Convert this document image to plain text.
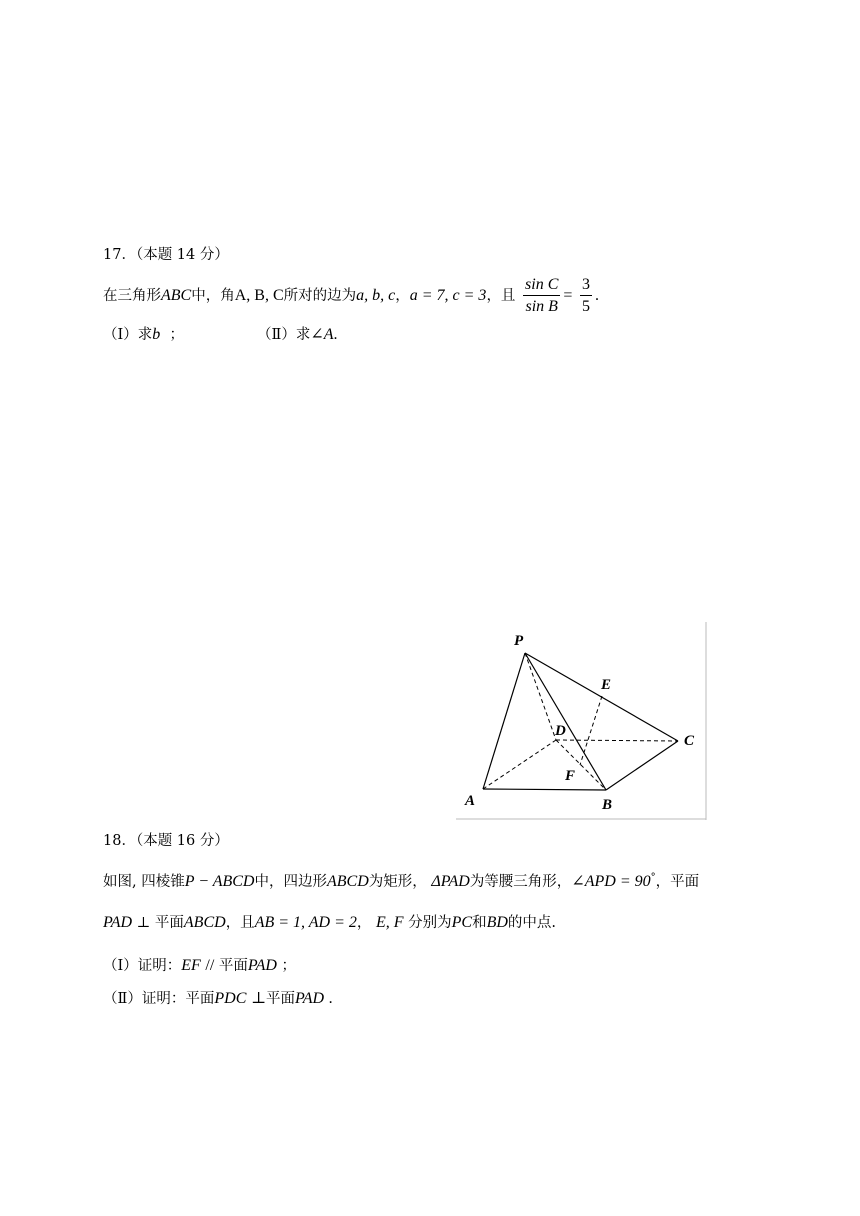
17．（本题 14 分）
在三角形ABC中，角A, B, C所对的边为a, b, c，a = 7, c = 3，且 $\frac{\text{sin C}}{\text{sin B}} = \frac{3}{5}$ .
（Ⅰ）求b ；	（Ⅱ）求∠A.
P
A	B
C
D
E
F
18．（本题 16 分）
如图, 四棱锥P − ABCD中，四边形ABCD为矩形， ΔPAD为等腰三角形，∠APD = 90°，平面
PAD ⊥ 平面ABCD，且AB = 1, AD = 2， E, F 分别为PC和BD的中点.
（Ⅰ）证明：EF // 平面PAD ；
（Ⅱ）证明：平面PDC ⊥平面PAD .
